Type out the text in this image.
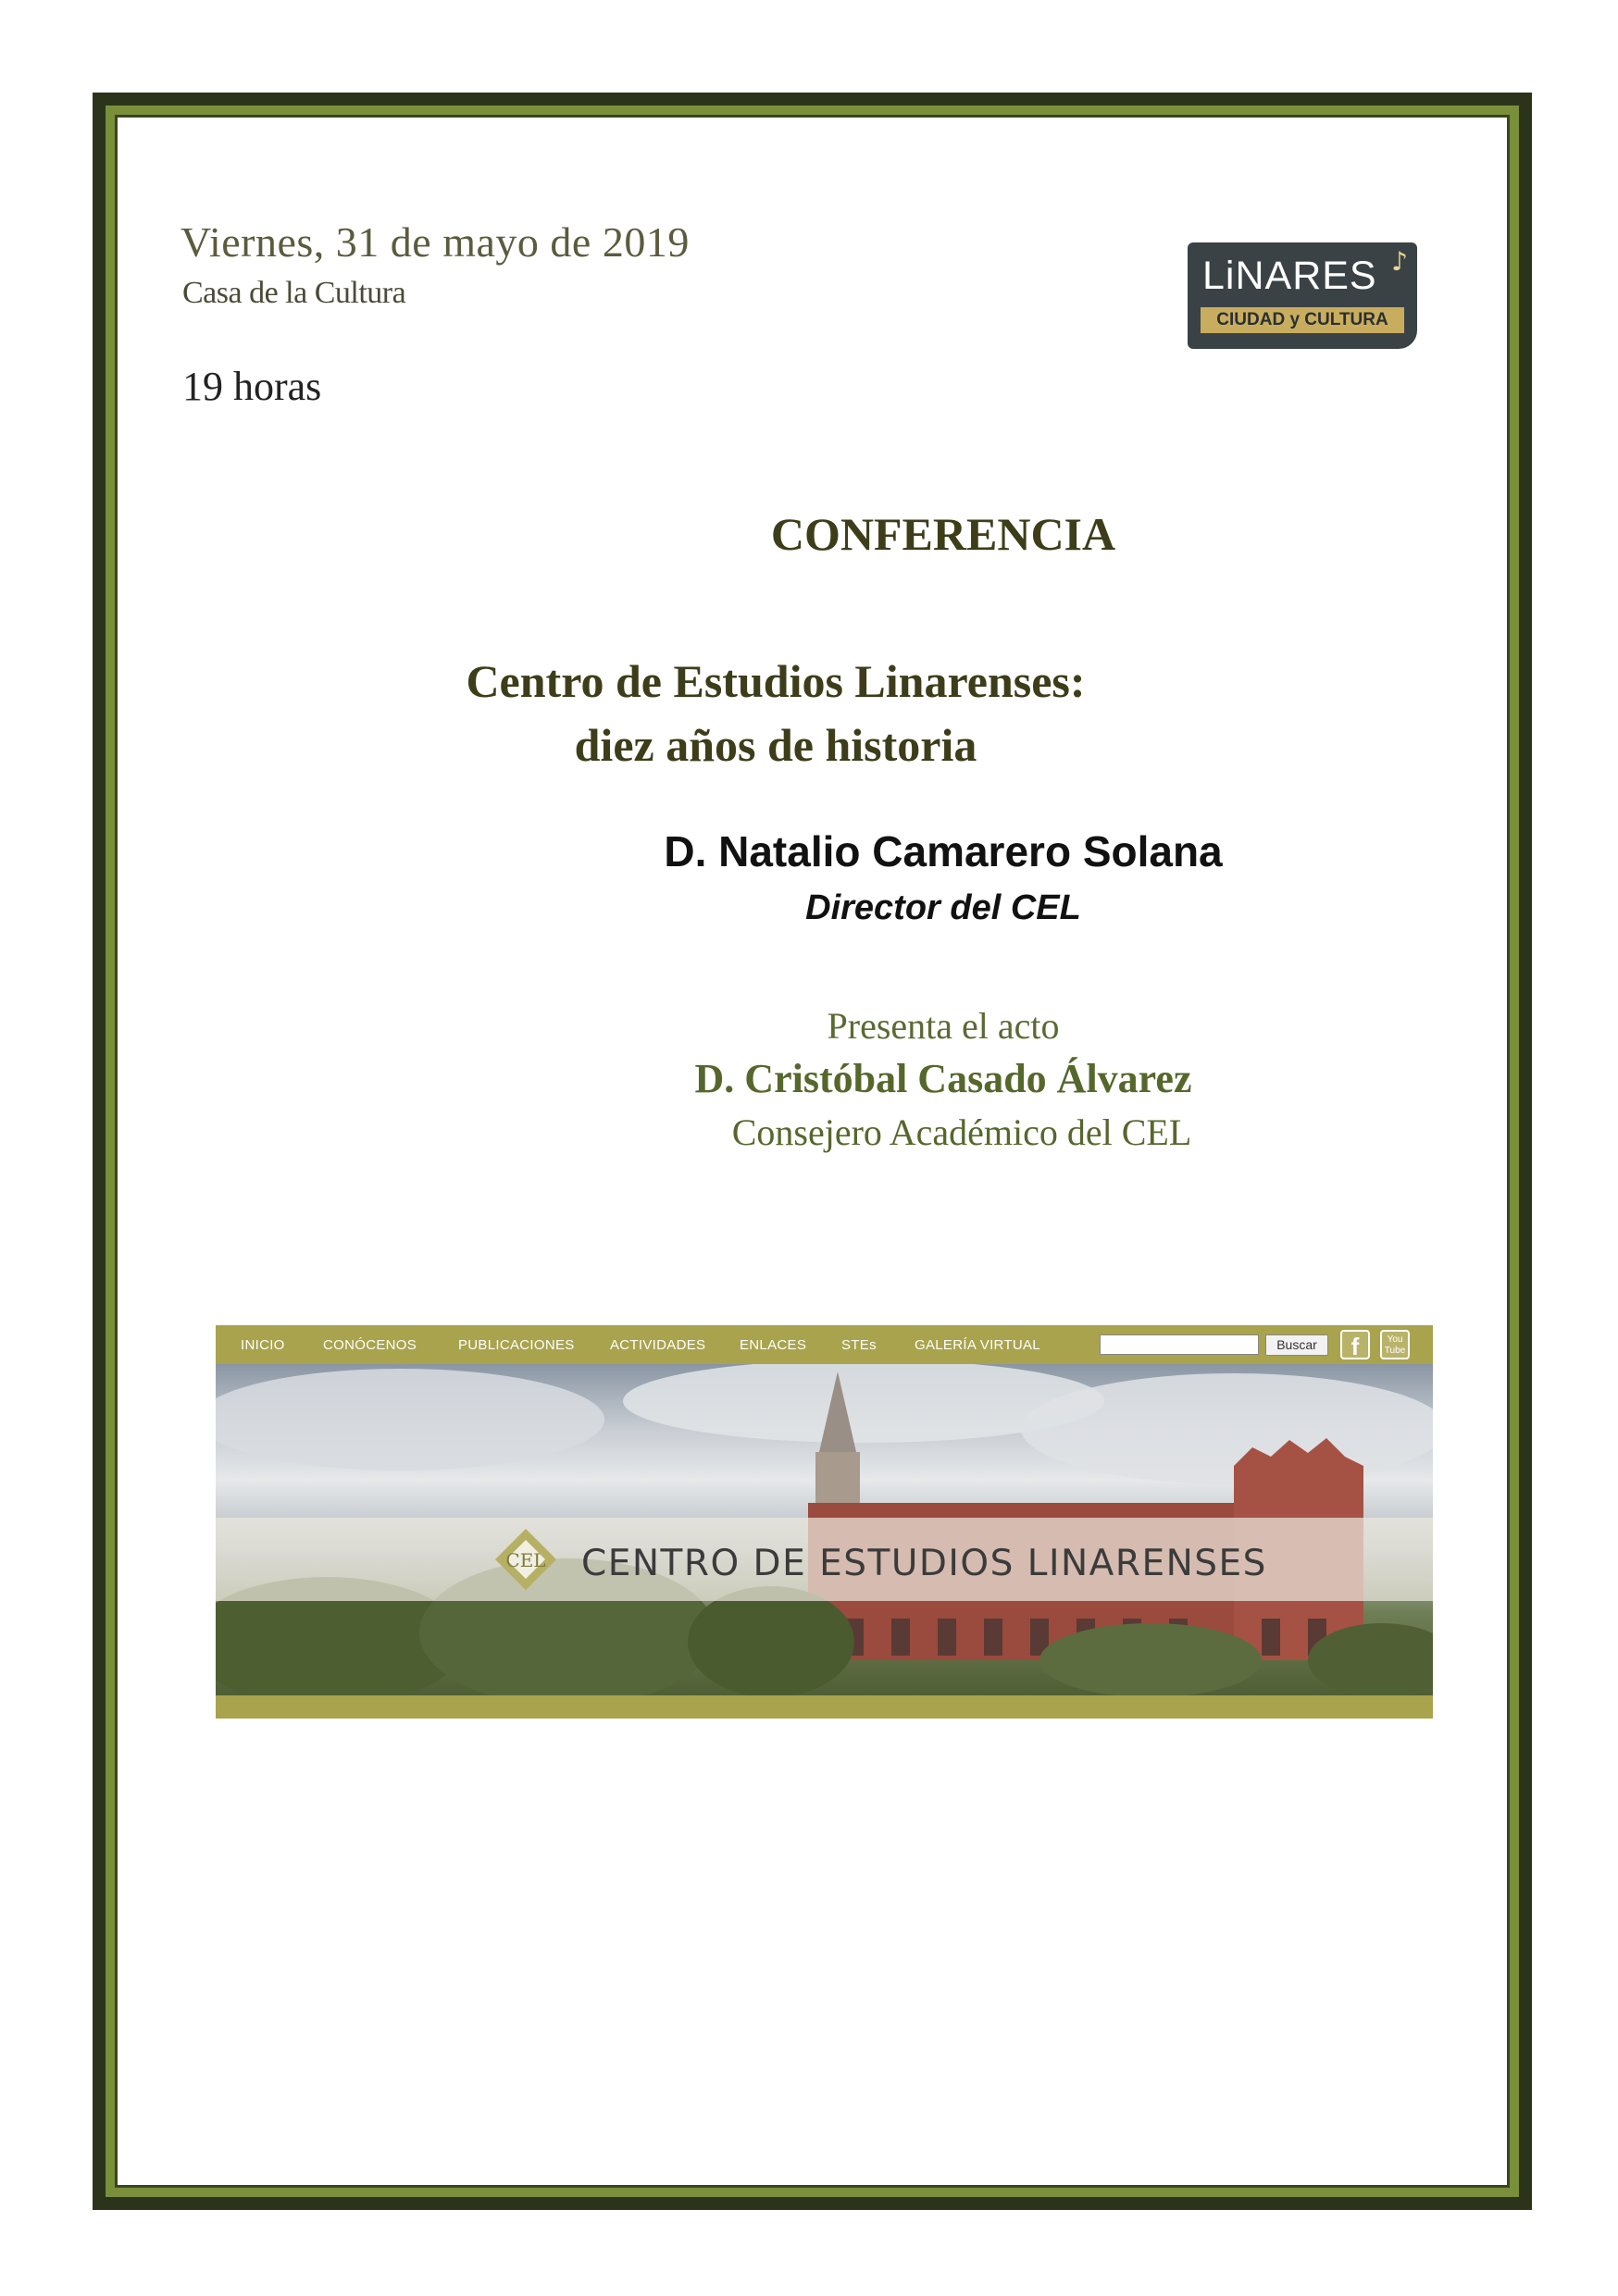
Viernes, 31 de mayo de 2019
Casa de la Cultura
19 horas
LiNARES ♪
CIUDAD y CULTURA
CONFERENCIA
Centro de Estudios Linarenses:
diez años de historia
D. Natalio Camarero Solana
Director del CEL
Presenta el acto
D. Cristóbal Casado Álvarez
Consejero Académico del CEL
INICIO	CONÓCENOS	PUBLICACIONES	ACTIVIDADES ENLACES	STEs	GALERÍA VIRTUAL	Buscar	f	You Tube
CEL CENTRO DE ESTUDIOS LINARENSES
